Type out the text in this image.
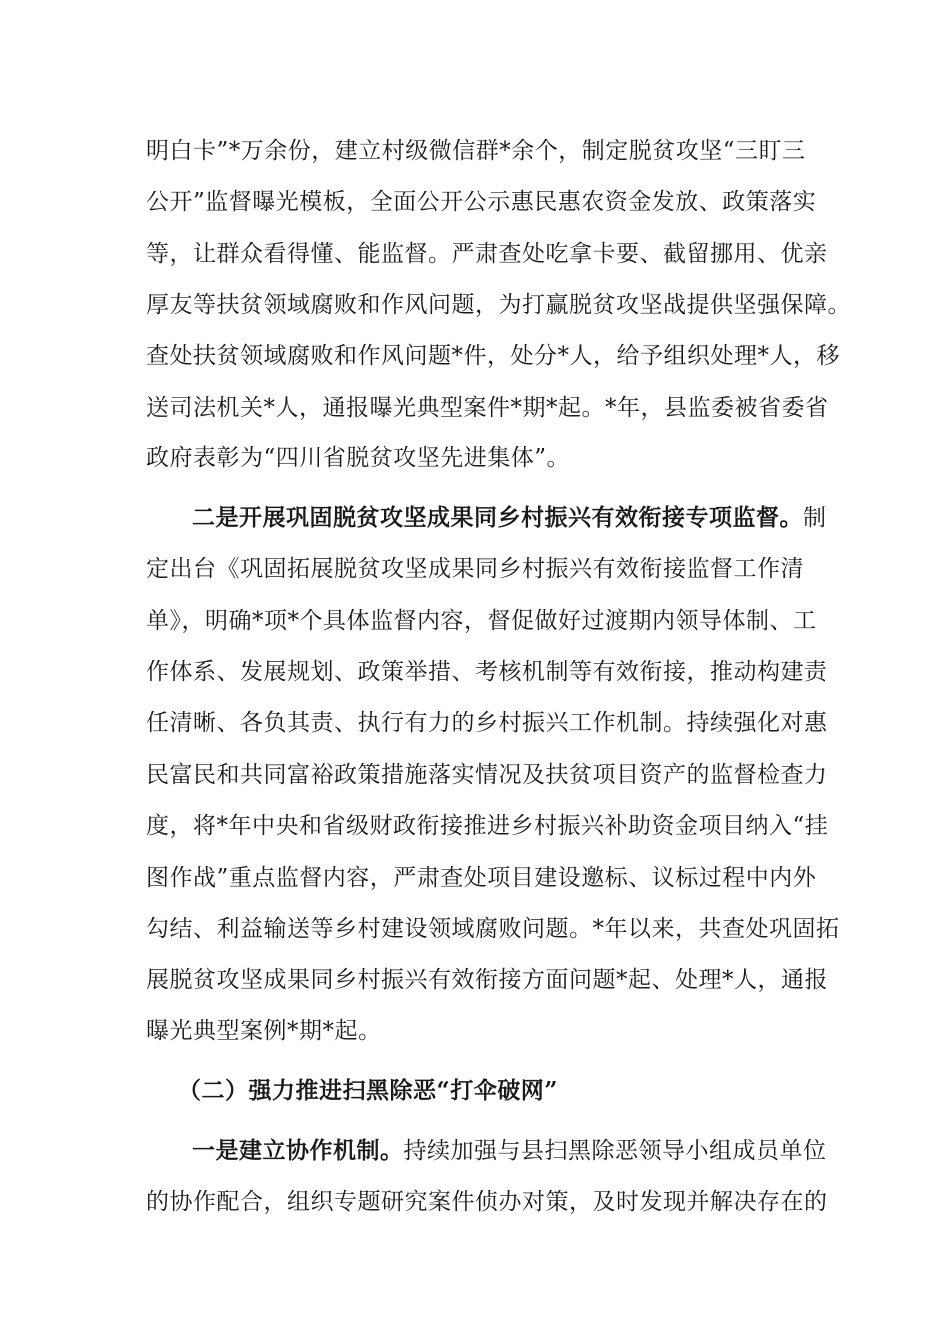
明白卡”*万余份，建立村级微信群*余个，制定脱贫攻坚“三盯三
公开”监督曝光模板，全面公开公示惠民惠农资金发放、政策落实
等，让群众看得懂、能监督。严肃查处吃拿卡要、截留挪用、优亲
厚友等扶贫领域腐败和作风问题，为打赢脱贫攻坚战提供坚强保障。
查处扶贫领域腐败和作风问题*件，处分*人，给予组织处理*人，移
送司法机关*人，通报曝光典型案件*期*起。*年，县监委被省委省
政府表彰为“四川省脱贫攻坚先进集体”。
二是开展巩固脱贫攻坚成果同乡村振兴有效衔接专项监督。制
定出台《巩固拓展脱贫攻坚成果同乡村振兴有效衔接监督工作清
单》，明确*项*个具体监督内容，督促做好过渡期内领导体制、工
作体系、发展规划、政策举措、考核机制等有效衔接，推动构建责
任清晰、各负其责、执行有力的乡村振兴工作机制。持续强化对惠
民富民和共同富裕政策措施落实情况及扶贫项目资产的监督检查力
度，将*年中央和省级财政衔接推进乡村振兴补助资金项目纳入“挂
图作战”重点监督内容，严肃查处项目建设邀标、议标过程中内外
勾结、利益输送等乡村建设领域腐败问题。*年以来，共查处巩固拓
展脱贫攻坚成果同乡村振兴有效衔接方面问题*起、处理*人，通报
曝光典型案例*期*起。
（二）强力推进扫黑除恶“打伞破网”
一是建立协作机制。持续加强与县扫黑除恶领导小组成员单位
的协作配合，组织专题研究案件侦办对策，及时发现并解决存在的
